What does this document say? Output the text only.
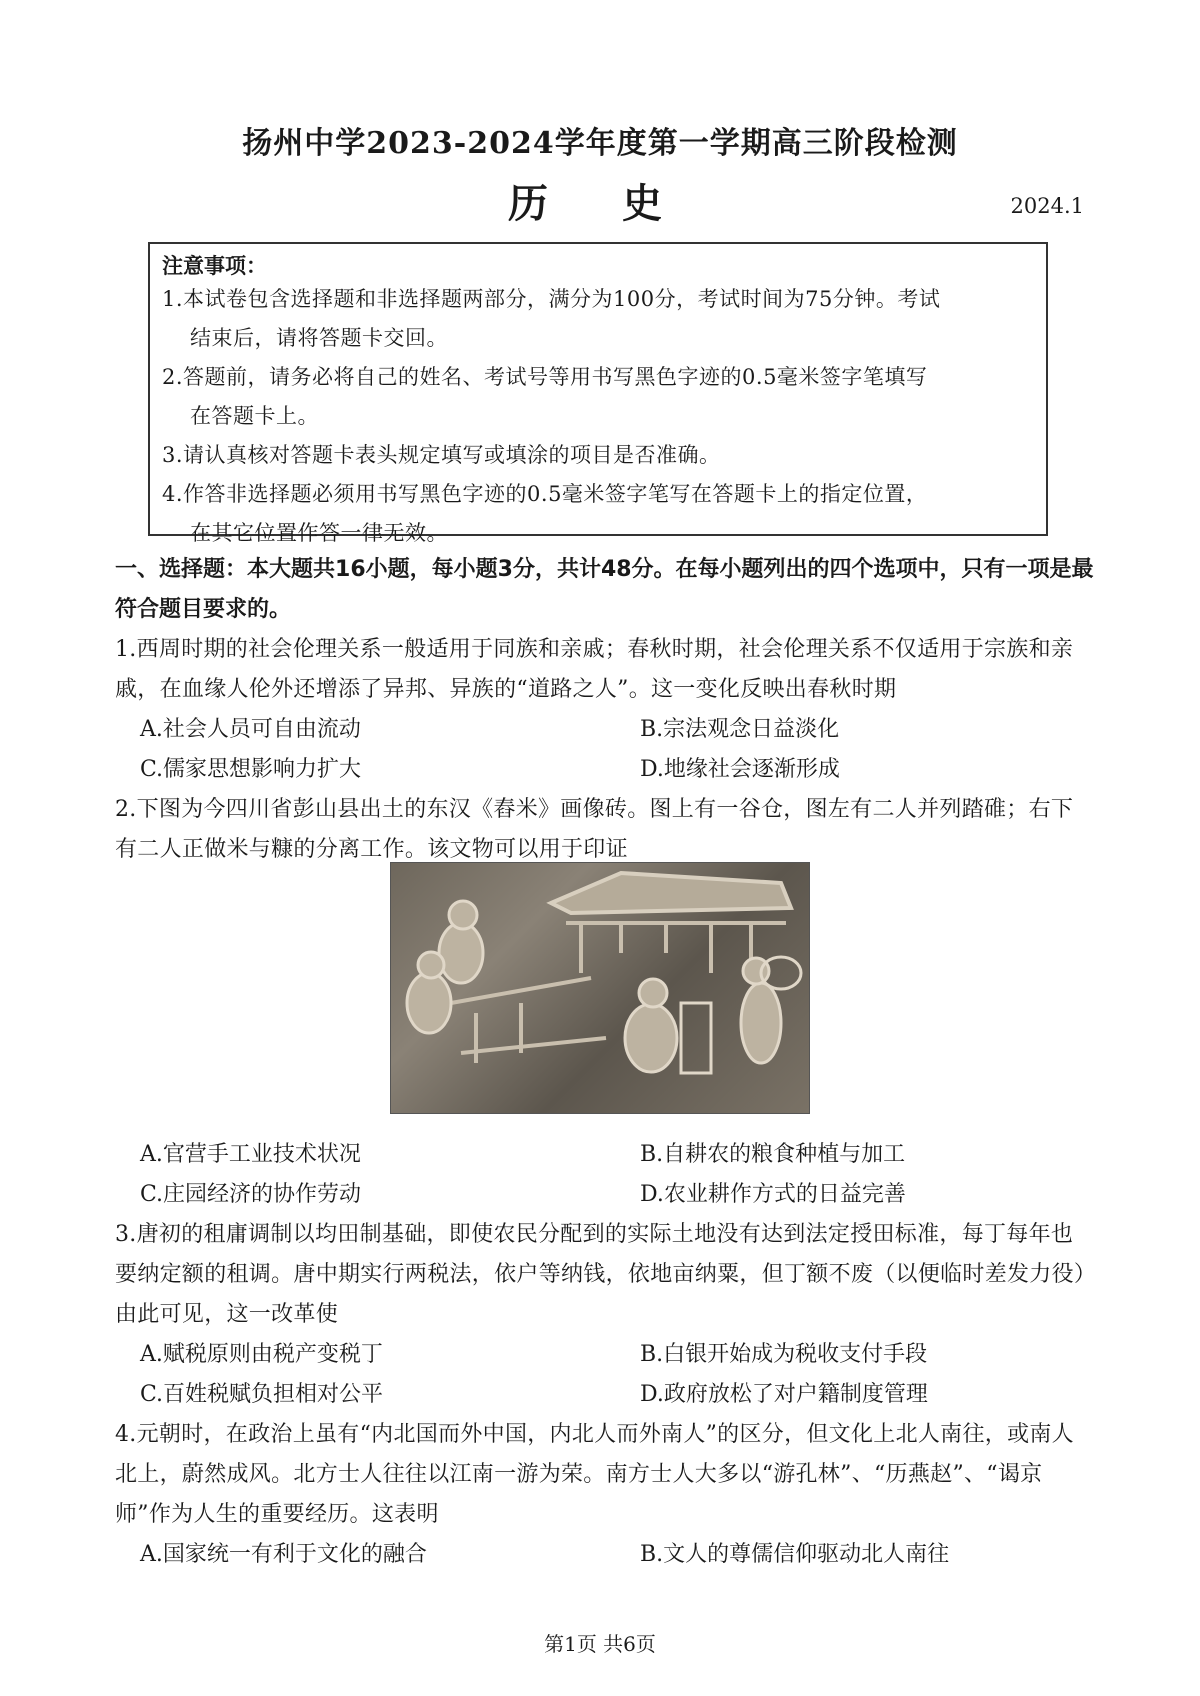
扬州中学2023-2024学年度第一学期高三阶段检测
历 史	2024.1
注意事项：
1.本试卷包含选择题和非选择题两部分，满分为100分，考试时间为75分钟。考试
结束后，请将答题卡交回。
2.答题前，请务必将自己的姓名、考试号等用书写黑色字迹的0.5毫米签字笔填写
在答题卡上。
3.请认真核对答题卡表头规定填写或填涂的项目是否准确。
4.作答非选择题必须用书写黑色字迹的0.5毫米签字笔写在答题卡上的指定位置，
在其它位置作答一律无效。
一、选择题：本大题共16小题，每小题3分，共计48分。在每小题列出的四个选项中，只有一项是最符合题目要求的。
1.西周时期的社会伦理关系一般适用于同族和亲戚；春秋时期，社会伦理关系不仅适用于宗族和亲戚，在血缘人伦外还增添了异邦、异族的“道路之人”。这一变化反映出春秋时期
A.社会人员可自由流动	B.宗法观念日益淡化
C.儒家思想影响力扩大	D.地缘社会逐渐形成
2.下图为今四川省彭山县出土的东汉《舂米》画像砖。图上有一谷仓，图左有二人并列踏碓；右下有二人正做米与糠的分离工作。该文物可以用于印证
A.官营手工业技术状况	B.自耕农的粮食种植与加工
C.庄园经济的协作劳动	D.农业耕作方式的日益完善
3.唐初的租庸调制以均田制基础，即使农民分配到的实际土地没有达到法定授田标准，每丁每年也要纳定额的租调。唐中期实行两税法，依户等纳钱，依地亩纳粟，但丁额不废（以便临时差发力役）由此可见，这一改革使
A.赋税原则由税产变税丁	B.白银开始成为税收支付手段
C.百姓税赋负担相对公平	D.政府放松了对户籍制度管理
4.元朝时，在政治上虽有“内北国而外中国，内北人而外南人”的区分，但文化上北人南往，或南人北上，蔚然成风。北方士人往往以江南一游为荣。南方士人大多以“游孔林”、“历燕赵”、“谒京师”作为人生的重要经历。这表明
A.国家统一有利于文化的融合	B.文人的尊儒信仰驱动北人南往
第1页 共6页
